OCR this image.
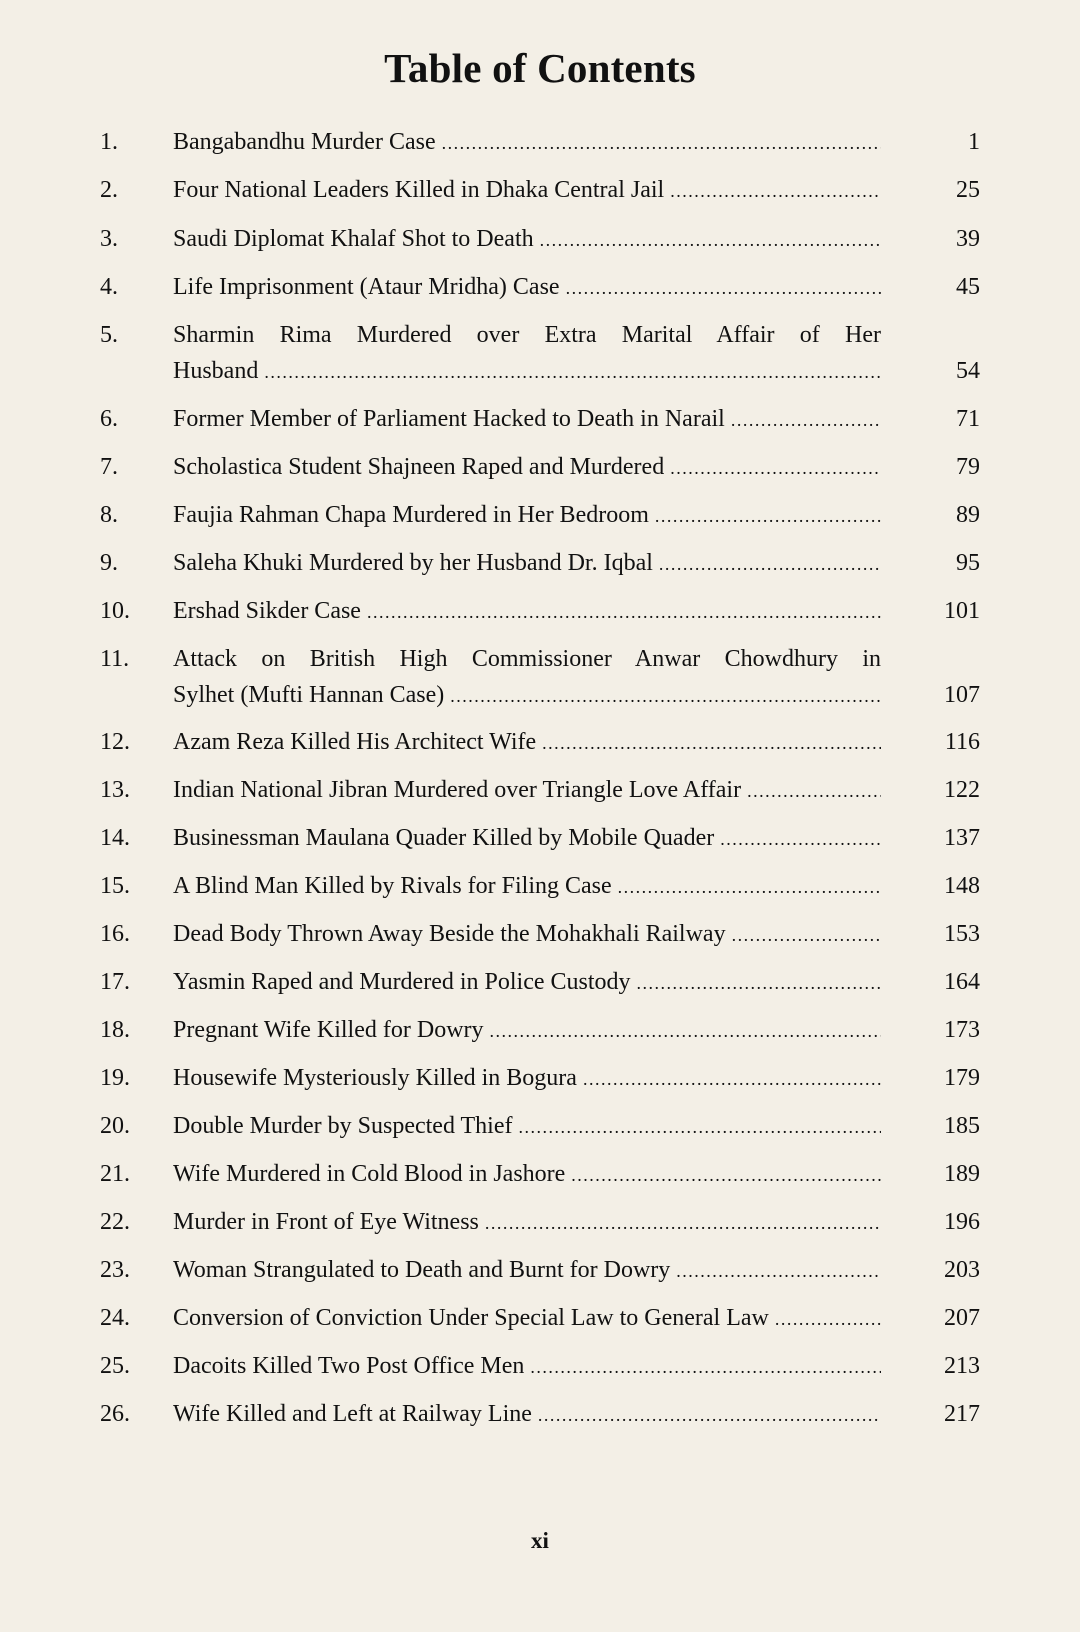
Table of Contents
1.	Bangabandhu Murder Case .....	1
2.	Four National Leaders Killed in Dhaka Central Jail .....	25
3.	Saudi Diplomat Khalaf Shot to Death .....	39
4.	Life Imprisonment (Ataur Mridha) Case .....	45
5.	Sharmin Rima Murdered over Extra Marital Affair of Her
Husband .....	54
6.	Former Member of Parliament Hacked to Death in Narail .....	71
7.	Scholastica Student Shajneen Raped and Murdered .....	79
8.	Faujia Rahman Chapa Murdered in Her Bedroom .....	89
9.	Saleha Khuki Murdered by her Husband Dr. Iqbal .....	95
10.	Ershad Sikder Case .....	101
11.	Attack on British High Commissioner Anwar Chowdhury in
Sylhet (Mufti Hannan Case) .....	107
12.	Azam Reza Killed His Architect Wife .....	116
13.	Indian National Jibran Murdered over Triangle Love Affair .....	122
14.	Businessman Maulana Quader Killed by Mobile Quader .....	137
15.	A Blind Man Killed by Rivals for Filing Case .....	148
16.	Dead Body Thrown Away Beside the Mohakhali Railway .....	153
17.	Yasmin Raped and Murdered in Police Custody .....	164
18.	Pregnant Wife Killed for Dowry .....	173
19.	Housewife Mysteriously Killed in Bogura .....	179
20.	Double Murder by Suspected Thief .....	185
21.	Wife Murdered in Cold Blood in Jashore .....	189
22.	Murder in Front of Eye Witness .....	196
23.	Woman Strangulated to Death and Burnt for Dowry .....	203
24.	Conversion of Conviction Under Special Law to General Law .....	207
25.	Dacoits Killed Two Post Office Men .....	213
26.	Wife Killed and Left at Railway Line .....	217
xi
